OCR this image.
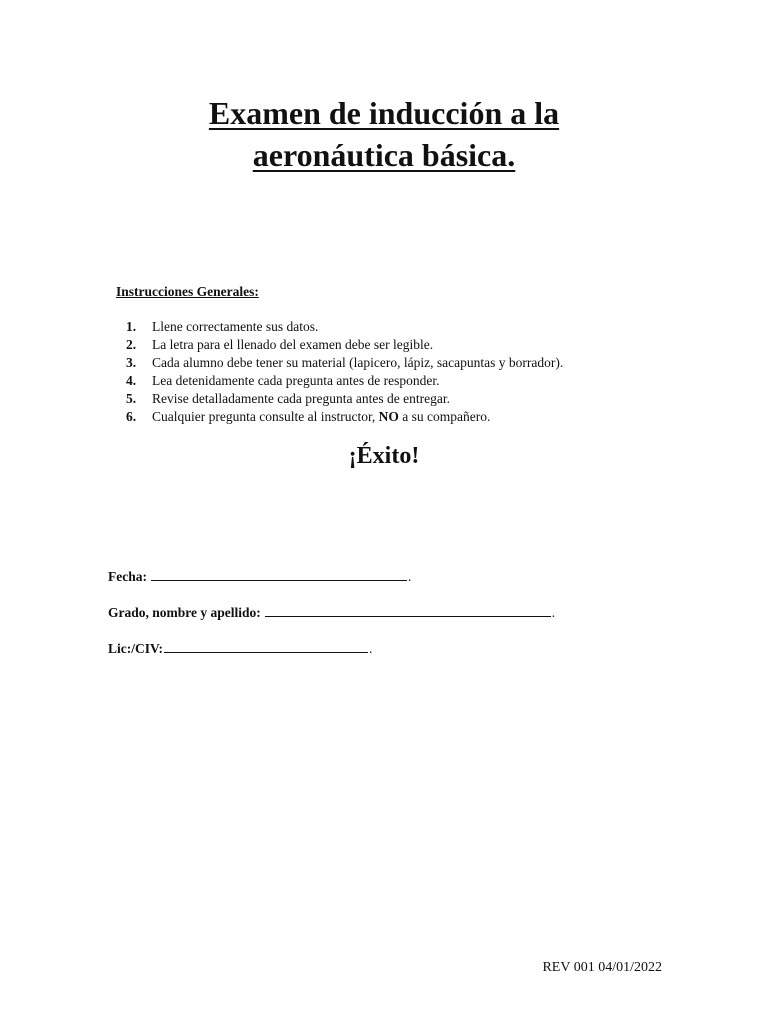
Examen de inducción a la
aeronáutica básica.
Instrucciones Generales:
1.	Llene correctamente sus datos.
2.	La letra para el llenado del examen debe ser legible.
3.	Cada alumno debe tener su material (lapicero, lápiz, sacapuntas y borrador).
4.	Lea detenidamente cada pregunta antes de responder.
5.	Revise detalladamente cada pregunta antes de entregar.
6.	Cualquier pregunta consulte al instructor, NO a su compañero.
¡Éxito!
Fecha:	.
Grado, nombre y apellido:	.
Lic:/CIV:	.
REV 001 04/01/2022
